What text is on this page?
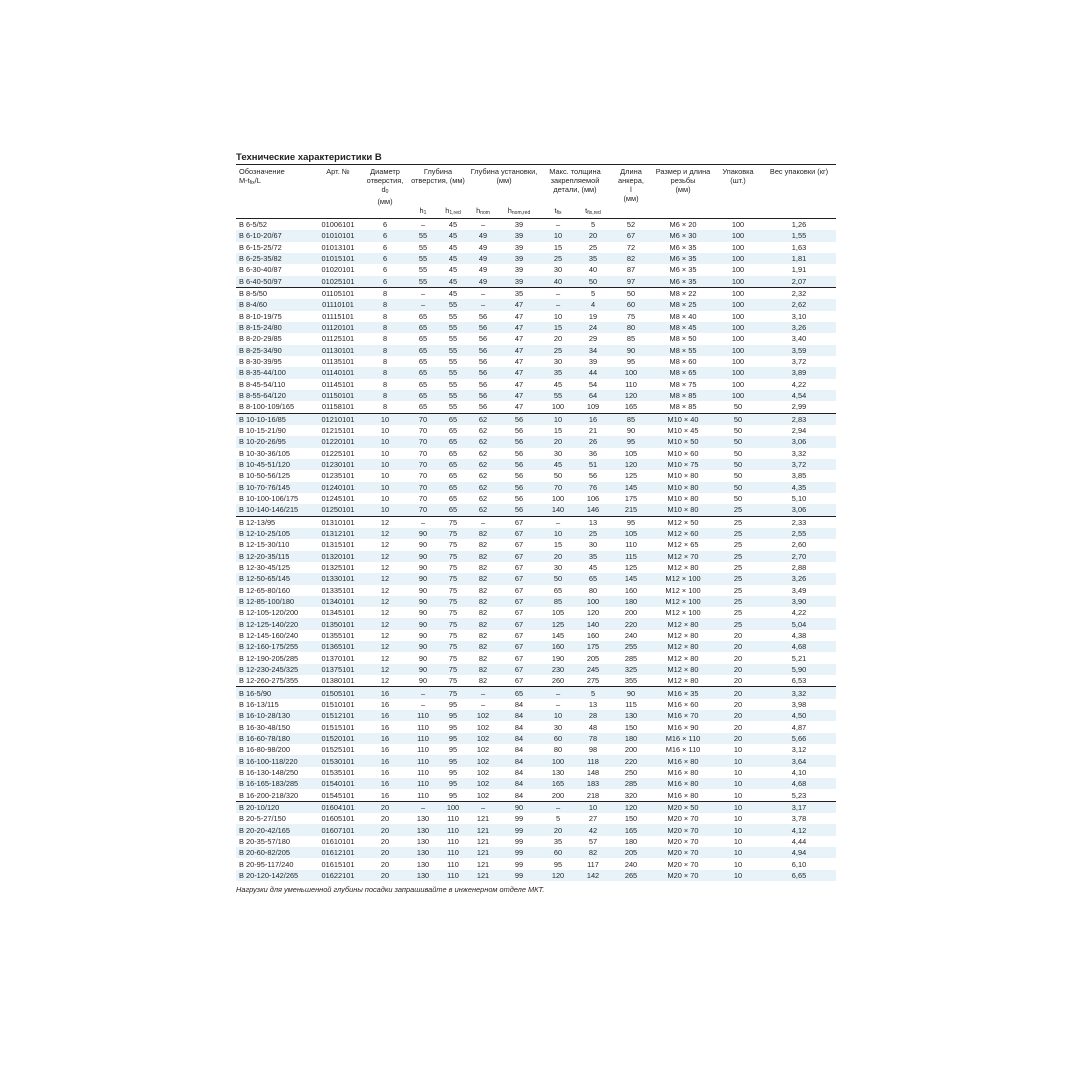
Технические характеристики B
Обозначение
$M-t_{fix}/L$	Арт. №	Диаметр отверстия,
$d_0$
(мм)	Глубина отверстия, (мм)		Глубина установки, (мм)		Макс. толщина закрепляемой детали, (мм)		Длина анкера,
l
(мм)	Размер и длина резьбы
(мм)	Упаковка (шт.)	Вес упаковки (кг)
			$h_1$	$h_{1,red}$	$h_{nom}$	$h_{nom,red}$	$t_{fix}$	$t_{fix,red}$				
B 6-5/52	01006101	6	–	45	–	39	–	5	52	M6 × 20	100	1,26
B 6-10-20/67	01010101	6	55	45	49	39	10	20	67	M6 × 30	100	1,55
B 6-15-25/72	01013101	6	55	45	49	39	15	25	72	M6 × 35	100	1,63
B 6-25-35/82	01015101	6	55	45	49	39	25	35	82	M6 × 35	100	1,81
B 6-30-40/87	01020101	6	55	45	49	39	30	40	87	M6 × 35	100	1,91
B 6-40-50/97	01025101	6	55	45	49	39	40	50	97	M6 × 35	100	2,07
B 8-5/50	01105101	8	–	45	–	35	–	5	50	M8 × 22	100	2,32
B 8-4/60	01110101	8	–	55	–	47	–	4	60	M8 × 25	100	2,62
B 8-10-19/75	01115101	8	65	55	56	47	10	19	75	M8 × 40	100	3,10
B 8-15-24/80	01120101	8	65	55	56	47	15	24	80	M8 × 45	100	3,26
B 8-20-29/85	01125101	8	65	55	56	47	20	29	85	M8 × 50	100	3,40
B 8-25-34/90	01130101	8	65	55	56	47	25	34	90	M8 × 55	100	3,59
B 8-30-39/95	01135101	8	65	55	56	47	30	39	95	M8 × 60	100	3,72
B 8-35-44/100	01140101	8	65	55	56	47	35	44	100	M8 × 65	100	3,89
B 8-45-54/110	01145101	8	65	55	56	47	45	54	110	M8 × 75	100	4,22
B 8-55-64/120	01150101	8	65	55	56	47	55	64	120	M8 × 85	100	4,54
B 8-100-109/165	01158101	8	65	55	56	47	100	109	165	M8 × 85	50	2,99
B 10-10-16/85	01210101	10	70	65	62	56	10	16	85	M10 × 40	50	2,83
B 10-15-21/90	01215101	10	70	65	62	56	15	21	90	M10 × 45	50	2,94
B 10-20-26/95	01220101	10	70	65	62	56	20	26	95	M10 × 50	50	3,06
B 10-30-36/105	01225101	10	70	65	62	56	30	36	105	M10 × 60	50	3,32
B 10-45-51/120	01230101	10	70	65	62	56	45	51	120	M10 × 75	50	3,72
B 10-50-56/125	01235101	10	70	65	62	56	50	56	125	M10 × 80	50	3,85
B 10-70-76/145	01240101	10	70	65	62	56	70	76	145	M10 × 80	50	4,35
B 10-100-106/175	01245101	10	70	65	62	56	100	106	175	M10 × 80	50	5,10
B 10-140-146/215	01250101	10	70	65	62	56	140	146	215	M10 × 80	25	3,06
B 12-13/95	01310101	12	–	75	–	67	–	13	95	M12 × 50	25	2,33
B 12-10-25/105	01312101	12	90	75	82	67	10	25	105	M12 × 60	25	2,55
B 12-15-30/110	01315101	12	90	75	82	67	15	30	110	M12 × 65	25	2,60
B 12-20-35/115	01320101	12	90	75	82	67	20	35	115	M12 × 70	25	2,70
B 12-30-45/125	01325101	12	90	75	82	67	30	45	125	M12 × 80	25	2,88
B 12-50-65/145	01330101	12	90	75	82	67	50	65	145	M12 × 100	25	3,26
B 12-65-80/160	01335101	12	90	75	82	67	65	80	160	M12 × 100	25	3,49
B 12-85-100/180	01340101	12	90	75	82	67	85	100	180	M12 × 100	25	3,90
B 12-105-120/200	01345101	12	90	75	82	67	105	120	200	M12 × 100	25	4,22
B 12-125-140/220	01350101	12	90	75	82	67	125	140	220	M12 × 80	25	5,04
B 12-145-160/240	01355101	12	90	75	82	67	145	160	240	M12 × 80	20	4,38
B 12-160-175/255	01365101	12	90	75	82	67	160	175	255	M12 × 80	20	4,68
B 12-190-205/285	01370101	12	90	75	82	67	190	205	285	M12 × 80	20	5,21
B 12-230-245/325	01375101	12	90	75	82	67	230	245	325	M12 × 80	20	5,90
B 12-260-275/355	01380101	12	90	75	82	67	260	275	355	M12 × 80	20	6,53
B 16-5/90	01505101	16	–	75	–	65	–	5	90	M16 × 35	20	3,32
B 16-13/115	01510101	16	–	95	–	84	–	13	115	M16 × 60	20	3,98
B 16-10-28/130	01512101	16	110	95	102	84	10	28	130	M16 × 70	20	4,50
B 16-30-48/150	01515101	16	110	95	102	84	30	48	150	M16 × 90	20	4,87
B 16-60-78/180	01520101	16	110	95	102	84	60	78	180	M16 × 110	20	5,66
B 16-80-98/200	01525101	16	110	95	102	84	80	98	200	M16 × 110	10	3,12
B 16-100-118/220	01530101	16	110	95	102	84	100	118	220	M16 × 80	10	3,64
B 16-130-148/250	01535101	16	110	95	102	84	130	148	250	M16 × 80	10	4,10
B 16-165-183/285	01540101	16	110	95	102	84	165	183	285	M16 × 80	10	4,68
B 16-200-218/320	01545101	16	110	95	102	84	200	218	320	M16 × 80	10	5,23
B 20-10/120	01604101	20	–	100	–	90	–	10	120	M20 × 50	10	3,17
B 20-5-27/150	01605101	20	130	110	121	99	5	27	150	M20 × 70	10	3,78
B 20-20-42/165	01607101	20	130	110	121	99	20	42	165	M20 × 70	10	4,12
B 20-35-57/180	01610101	20	130	110	121	99	35	57	180	M20 × 70	10	4,44
B 20-60-82/205	01612101	20	130	110	121	99	60	82	205	M20 × 70	10	4,94
B 20-95-117/240	01615101	20	130	110	121	99	95	117	240	M20 × 70	10	6,10
B 20-120-142/265	01622101	20	130	110	121	99	120	142	265	M20 × 70	10	6,65
Нагрузки для уменьшенной глубины посадки запрашивайте в инженерном отделе МКТ.
